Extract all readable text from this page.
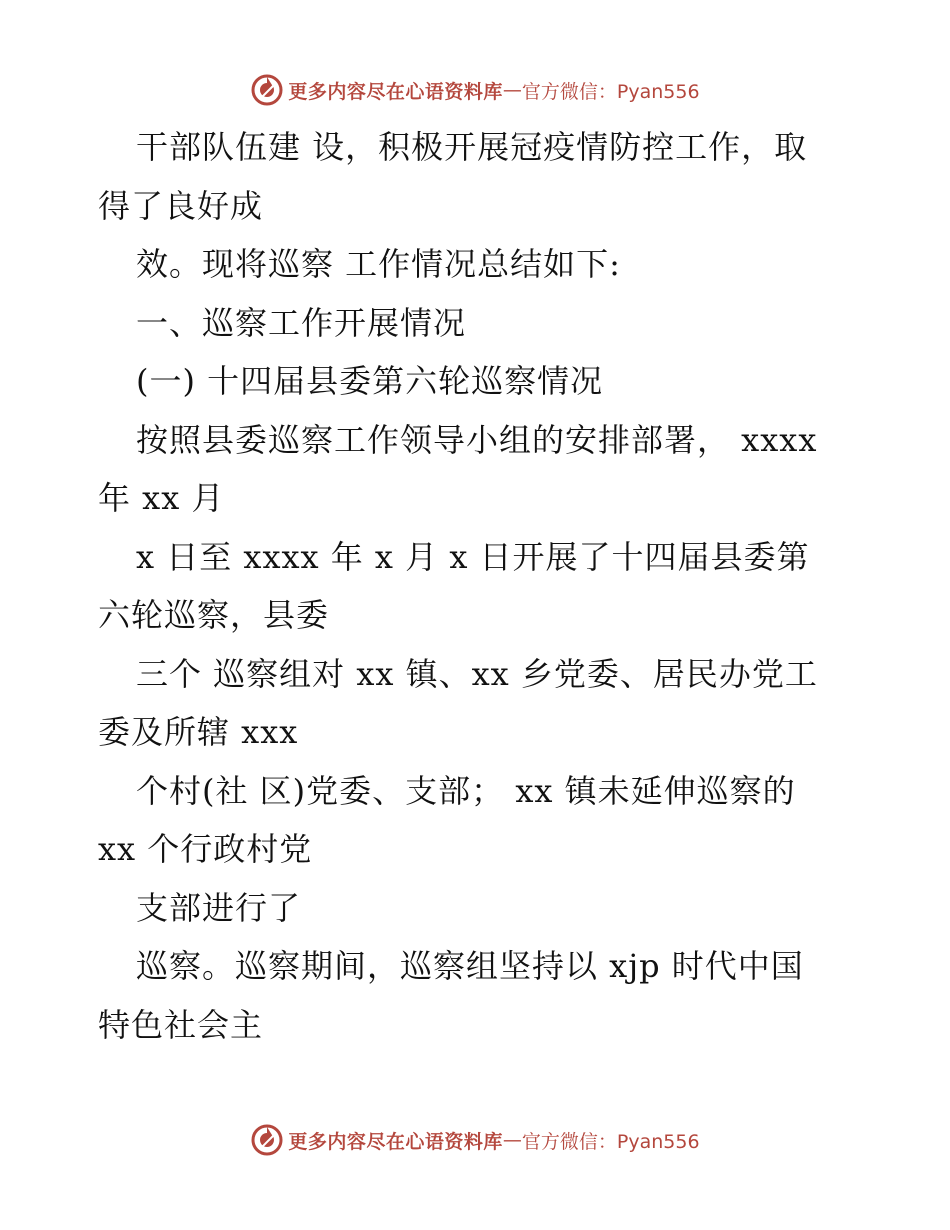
更多内容尽在心语资料库 — 官方微信：Pyan556
干部队伍建 设，积极开展冠疫情防控工作，取
得了良好成
效。现将巡察 工作情况总结如下:
一、巡察工作开展情况
(一) 十四届县委第六轮巡察情况
按照县委巡察工作领导小组的安排部署， xxxx
年 xx 月
x 日至 xxxx 年 x 月 x 日开展了十四届县委第
六轮巡察，县委
三个 巡察组对 xx 镇、xx 乡党委、居民办党工
委及所辖 xxx
个村(社 区)党委、支部； xx 镇未延伸巡察的
xx 个行政村党
支部进行了
巡察。巡察期间，巡察组坚持以 xjp 时代中国
特色社会主
更多内容尽在心语资料库 — 官方微信：Pyan556
